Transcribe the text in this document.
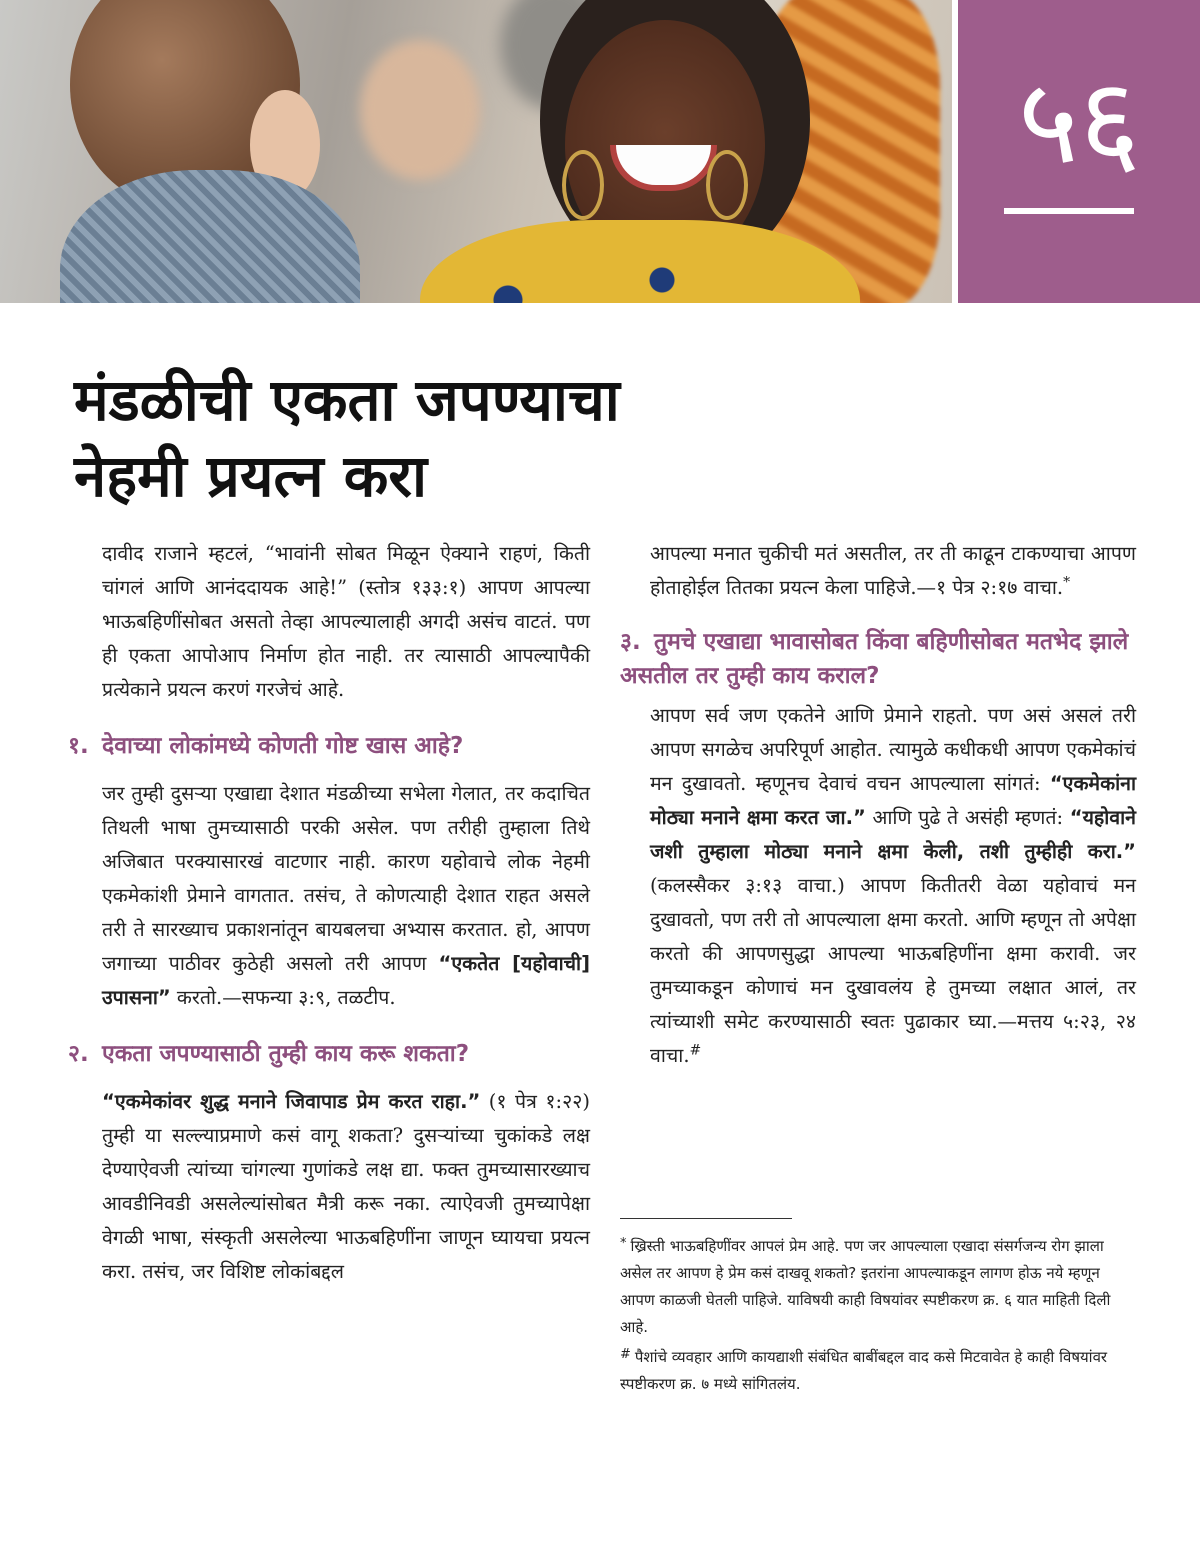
५६
मंडळीची एकता जपण्याचा
नेहमी प्रयत्न करा

दावीद राजाने म्हटलं, “भावांनी सोबत मिळून ऐक्याने राहणं, किती चांगलं आणि आनंददायक आहे!” (स्तोत्र १३३:१) आपण आपल्या भाऊबहिणींसोबत असतो तेव्हा आपल्यालाही अगदी असंच वाटतं. पण ही एकता आपोआप निर्माण होत नाही. तर त्यासाठी आपल्यापैकी प्रत्येकाने प्रयत्न करणं गरजेचं आहे.

१. देवाच्या लोकांमध्ये कोणती गोष्ट खास आहे?

जर तुम्ही दुसऱ्या एखाद्या देशात मंडळीच्या सभेला गेलात, तर कदाचित तिथली भाषा तुमच्यासाठी परकी असेल. पण तरीही तुम्हाला तिथे अजिबात परक्यासारखं वाटणार नाही. कारण यहोवाचे लोक नेहमी एकमेकांशी प्रेमाने वागतात. तसंच, ते कोणत्याही देशात राहत असले तरी ते सारख्याच प्रकाशनांतून बायबलचा अभ्यास करतात. हो, आपण जगाच्या पाठीवर कुठेही असलो तरी आपण “एकतेत [यहोवाची] उपासना” करतो.—सफन्या ३:९, तळटीप.

२. एकता जपण्यासाठी तुम्ही काय करू शकता?

“एकमेकांवर शुद्ध मनाने जिवापाड प्रेम करत राहा.” (१ पेत्र १:२२) तुम्ही या सल्ल्याप्रमाणे कसं वागू शकता? दुसऱ्यांच्या चुकांकडे लक्ष देण्याऐवजी त्यांच्या चांगल्या गुणांकडे लक्ष द्या. फक्त तुमच्यासारख्याच आवडीनिवडी असलेल्यांसोबत मैत्री करू नका. त्याऐवजी तुमच्यापेक्षा वेगळी भाषा, संस्कृती असलेल्या भाऊबहिणींना जाणून घ्यायचा प्रयत्न करा. तसंच, जर विशिष्ट लोकांबद्दल

आपल्या मनात चुकीची मतं असतील, तर ती काढून टाकण्याचा आपण होताहोईल तितका प्रयत्न केला पाहिजे.—१ पेत्र २:१७ वाचा.*

३. तुमचे एखाद्या भावासोबत किंवा बहिणीसोबत मतभेद झाले असतील तर तुम्ही काय कराल?

आपण सर्व जण एकतेने आणि प्रेमाने राहतो. पण असं असलं तरी आपण सगळेच अपरिपूर्ण आहोत. त्यामुळे कधीकधी आपण एकमेकांचं मन दुखावतो. म्हणूनच देवाचं वचन आपल्याला सांगतं: “एकमेकांना मोठ्या मनाने क्षमा करत जा.” आणि पुढे ते असंही म्हणतं: “यहोवाने जशी तुम्हाला मोठ्या मनाने क्षमा केली, तशी तुम्हीही करा.” (कलस्सैकर ३:१३ वाचा.) आपण कितीतरी वेळा यहोवाचं मन दुखावतो, पण तरी तो आपल्याला क्षमा करतो. आणि म्हणून तो अपेक्षा करतो की आपणसुद्धा आपल्या भाऊबहिणींना क्षमा करावी. जर तुमच्याकडून कोणाचं मन दुखावलंय हे तुमच्या लक्षात आलं, तर त्यांच्याशी समेट करण्यासाठी स्वतः पुढाकार घ्या.—मत्तय ५:२३, २४ वाचा.#

* ख्रिस्ती भाऊबहिणींवर आपलं प्रेम आहे. पण जर आपल्याला एखादा संसर्गजन्य रोग झाला असेल तर आपण हे प्रेम कसं दाखवू शकतो? इतरांना आपल्याकडून लागण होऊ नये म्हणून आपण काळजी घेतली पाहिजे. याविषयी काही विषयांवर स्पष्टीकरण क्र. ६ यात माहिती दिली आहे.

# पैशांचे व्यवहार आणि कायद्याशी संबंधित बाबींबद्दल वाद कसे मिटवावेत हे काही विषयांवर स्पष्टीकरण क्र. ७ मध्ये सांगितलंय.
